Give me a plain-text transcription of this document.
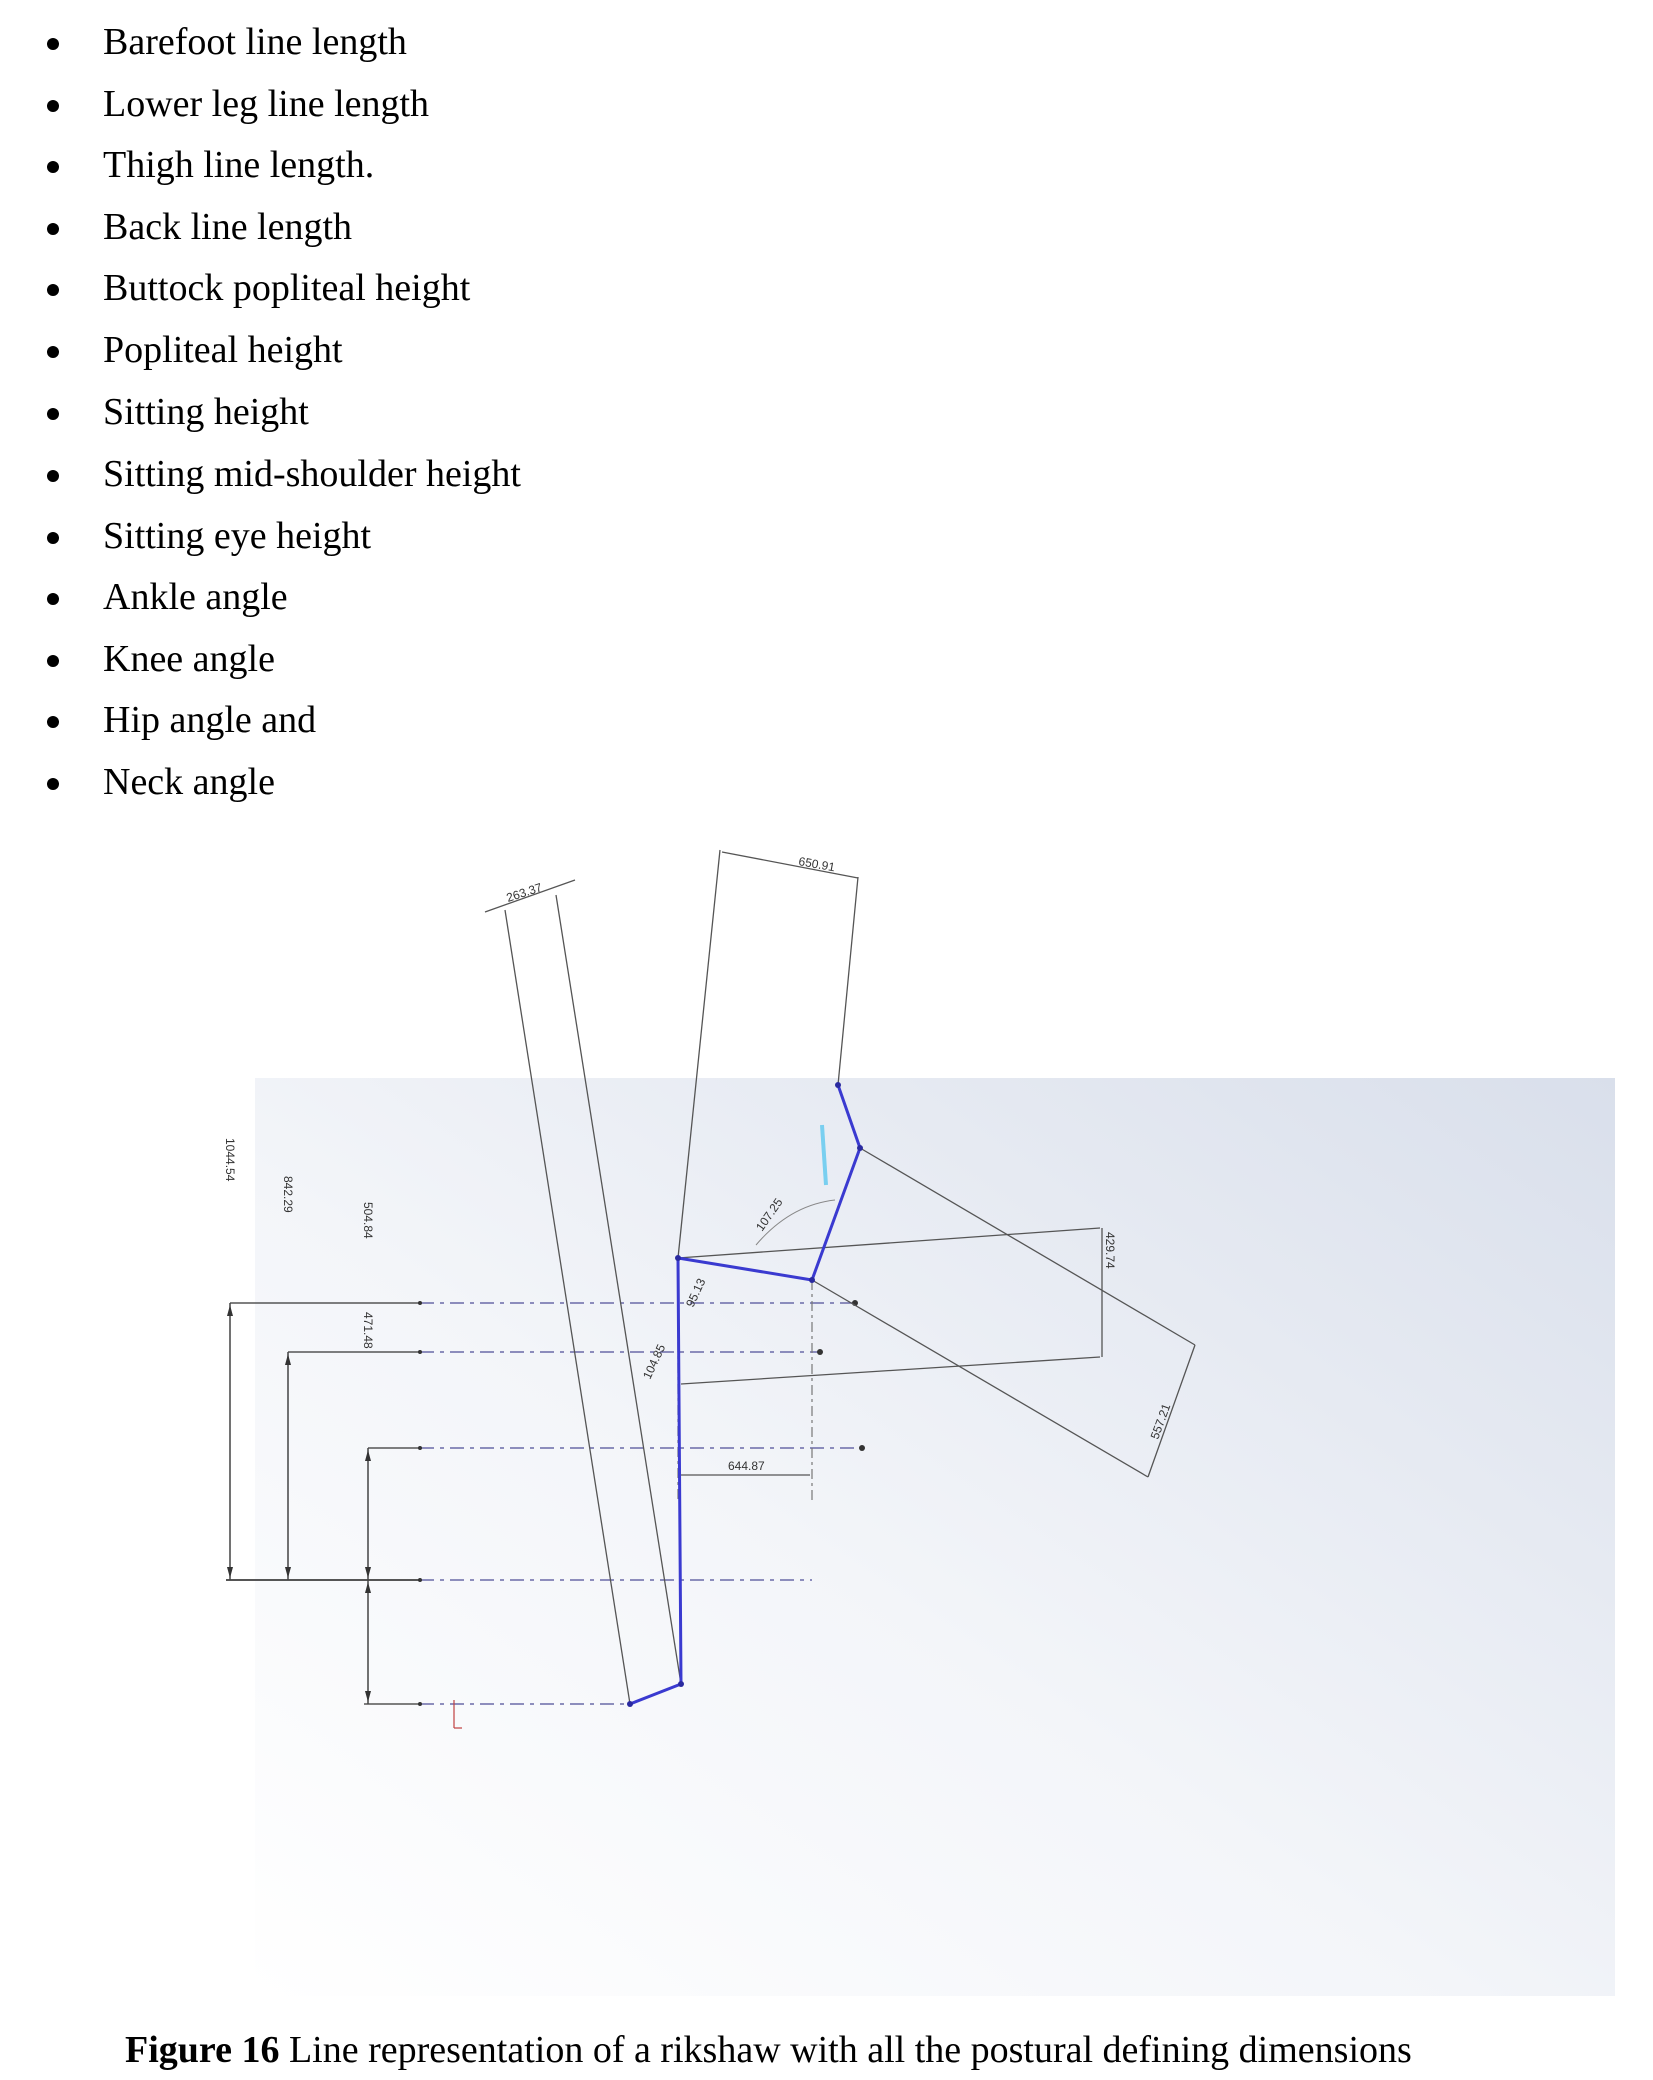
Barefoot line length
Lower leg line length
Thigh line length.
Back line length
Buttock popliteal height
Popliteal height
Sitting height
Sitting mid-shoulder height
Sitting eye height
Ankle angle
Knee angle
Hip angle and
Neck angle
1044.54
842.29
504.84
471.48
644.87
107.25
95.13
104.85
263.37
650.91
429.74
557.21
Figure 16 Line representation of a rikshaw with all the postural defining dimensions
